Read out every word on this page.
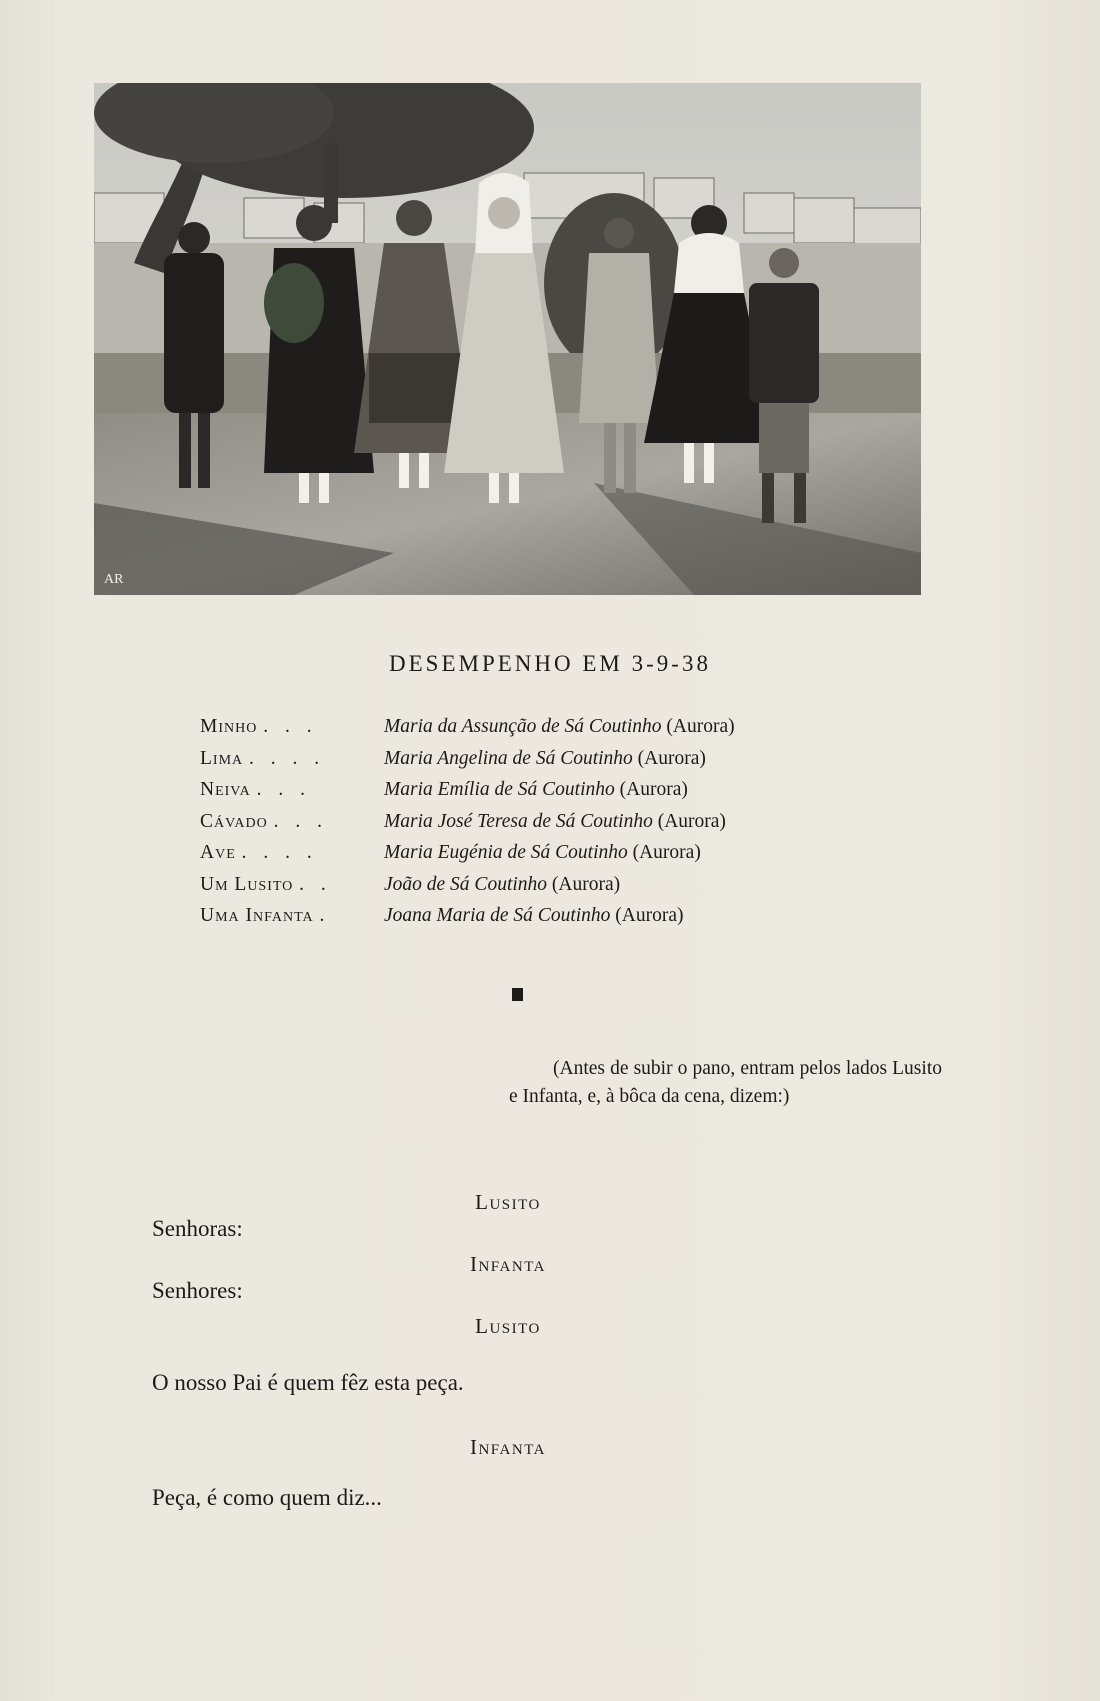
AR
DESEMPENHO EM 3-9-38
Minho . . .	Maria da Assunção de Sá Coutinho (Aurora)
Lima . . . .	Maria Angelina de Sá Coutinho (Aurora)
Neiva . . .	Maria Emília de Sá Coutinho (Aurora)
Cávado . . .	Maria José Teresa de Sá Coutinho (Aurora)
Ave . . . .	Maria Eugénia de Sá Coutinho (Aurora)
Um Lusito . .	João de Sá Coutinho (Aurora)
Uma Infanta .	Joana Maria de Sá Coutinho (Aurora)
(Antes de subir o pano, entram pelos lados Lusito e Infanta, e, à bôca da cena, dizem:)
Lusito
Senhoras:
Infanta
Senhores:
Lusito
O nosso Pai é quem fêz esta peça.
Infanta
Peça, é como quem diz...
